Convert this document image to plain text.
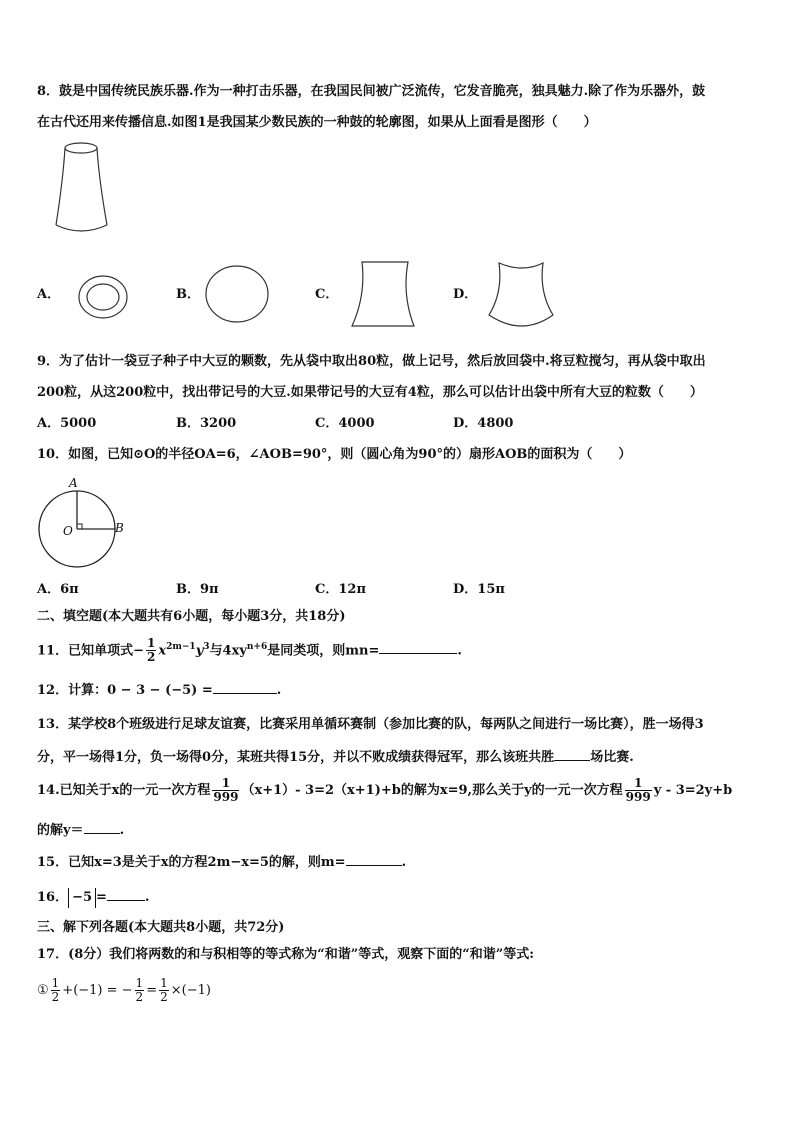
8．鼓是中国传统民族乐器.作为一种打击乐器，在我国民间被广泛流传，它发音脆亮，独具魅力.除了作为乐器外，鼓
在古代还用来传播信息.如图1是我国某少数民族的一种鼓的轮廓图，如果从上面看是图形（　　）
A．	B．	C．	D．
9．为了估计一袋豆子种子中大豆的颗数，先从袋中取出80粒，做上记号，然后放回袋中.将豆粒搅匀，再从袋中取出
200粒，从这200粒中，找出带记号的大豆.如果带记号的大豆有4粒，那么可以估计出袋中所有大豆的粒数（　　）
A．5000	B．3200	C．4000	D．4800
10．如图，已知⊙O的半径OA=6，∠AOB=90°，则（圆心角为90°的）扇形AOB的面积为（　　）
A
O	B
A．6π	B．9π	C．12π	D．15π
二、填空题(本大题共有6小题，每小题3分，共18分)
11．已知单项式− $\frac{1}{2} x^{2m-1}y^3$与$4xy^{n+6}$是同类项，则mn=	.
12．计算：0 − 3 − (−5) =	.
13．某学校8个班级进行足球友谊赛，比赛采用单循环赛制（参加比赛的队，每两队之间进行一场比赛），胜一场得3
分，平一场得1分，负一场得0分，某班共得15分，并以不败成绩获得冠军，那么该班共胜	场比赛.
14.已知关于x的一元一次方程 $\frac{1}{999} (x+1)-$ 3=2（x+1)+b的解为x=9,那么关于y的一元一次方程 $\frac{1}{999}$ y - 3=2y+b
的解y＝	.
15．已知x=3是关于x的方程2m−x=5的解，则m=	.
16． −5 =	.
三、解下列各题(本大题共8小题，共72分)
17．(8分）我们将两数的和与积相等的等式称为“和谐”等式，观察下面的“和谐”等式:
① $\frac{1}{2} +(-1)$ = − $\frac{1}{2} = \frac{1}{2} \times(-1)$
